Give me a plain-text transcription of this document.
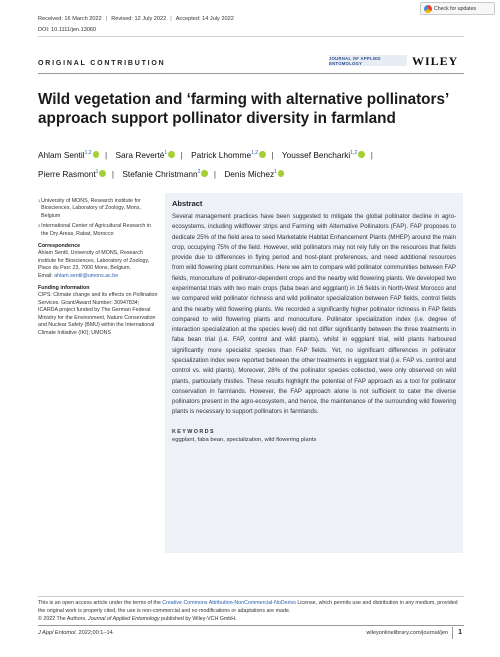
Check for updates
Received: 16 March 2022 | Revised: 12 July 2022 | Accepted: 14 July 2022
DOI: 10.1111/jen.13060
ORIGINAL CONTRIBUTION
JOURNAL OF APPLIED ENTOMOLOGY	WILEY
Wild vegetation and ‘farming with alternative pollinators’ approach support pollinator diversity in farmland
Ahlam Sentil$^{1,2}$ | Sara Reverté$^1$ | Patrick Lhomme$^{1,2}$ | Youssef Bencharki$^{1,2}$ |
Pierre Rasmont$^1$ | Stefanie Christmann$^2$ | Denis Michez$^1$
1 University of MONS, Research institute for Biosciences, Laboratory of Zoology, Mons, Belgium
2 International Center of Agricultural Research in the Dry Areas, Rabat, Morocco
Correspondence
Ahlam Sentil, University of MONS, Research institute for Biosciences, Laboratory of Zoology, Place du Parc 23, 7000 Mons, Belgium.
Email: ahlam.sentil@umons.ac.be
Funding information
CIPS: Climate change and its effects on Pollination Services. Grant/Award Number: 30947834; ICARDA project funded by The German Federal Ministry for the Environment, Nature Conservation and Nuclear Safety (BMU) within the International Climate Initiative (IKI); UMONS
Abstract

Several management practices have been suggested to mitigate the global pollinator decline in agro-ecosystems, including wildflower strips and Farming with Alternative Pollinators (FAP). FAP proposes to dedicate 25% of the field area to seed Marketable Habitat Enhancement Plants (MHEP) around the main crop, occupying 75% of the field. However, wild pollinators may not rely fully on the resources that fields provide due to differences in flying period and host-plant preferences, and need additional resources from wild flowering plant communities. Here we aim to compare wild pollinator communities between FAP fields, monoculture of pollinator-dependent crops and the nearby wild flowering plants. We developed two experimental trials with two main crops (faba bean and eggplant) in 16 fields in North-West Morocco and we compared wild pollinator richness and wild pollinator specialization between FAP fields, control fields and the nearby wild flowering plants. We recorded a significantly higher pollinator richness in FAP fields compared to wild flowering plants and monoculture. Pollinator specialization index (i.e. degree of interaction specialization at the species level) did not differ significantly between the three treatments in faba bean trial (i.e. FAP, control and wild plants), whilst in eggplant trial, wild plants harboured significantly more specialist species than FAP fields. Yet, no significant differences in pollinator specialization index were reported between the other treatments in eggplant trial (i.e. FAP vs. control and control vs. wild plants). Moreover, 28% of the pollinator species collected, were only observed on wild plants, particularly thistles. These results highlight the potential of FAP approach as a tool for pollinator conservation in farmlands. However, the FAP approach alone is not sufficient to cater the diverse pollinators present in the agro-ecosystem, and hence, the maintenance of the surrounding wild flowering plants is necessary to support pollinators in farmlands.

KEYWORDS
eggplant, faba bean, specialization, wild flowering plants
This is an open access article under the terms of the Creative Commons Attribution-NonCommercial-NoDerivs License, which permits use and distribution in any medium, provided the original work is properly cited, the use is non-commercial and no modifications or adaptations are made.
© 2022 The Authors. Journal of Applied Entomology published by Wiley-VCH GmbH.
J Appl Entomol. 2022;00:1–14.	wileyonlinelibrary.com/journal/jen	1
